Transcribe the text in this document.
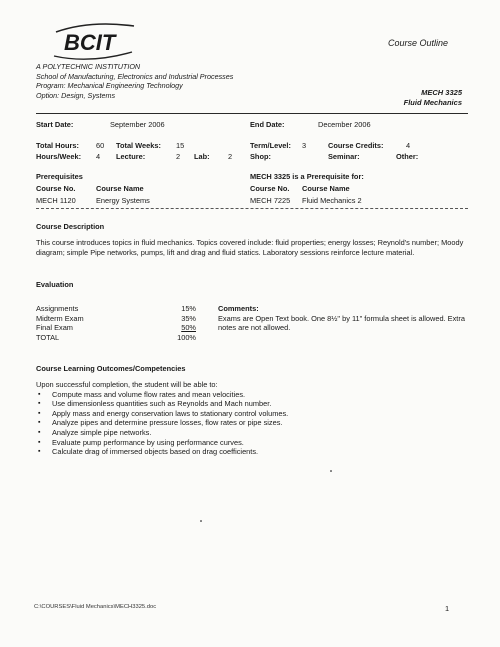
BCIT	Course Outline
A POLYTECHNIC INSTITUTION
School of Manufacturing, Electronics and Industrial Processes
Program: Mechanical Engineering Technology
Option: Design, Systems	MECH 3325
Fluid Mechanics
Start Date:	September 2006	End Date:	December 2006
Total Hours: 60 Total Weeks: 15	Term/Level: 3	Course Credits:	4
Hours/Week: 4 Lecture:	2 Lab: 2 Shop:	Seminar:	Other:
Prerequisites	MECH 3325 is a Prerequisite for:
Course No.	Course Name	Course No. Course Name
MECH 1120	Energy Systems	MECH 7225 Fluid Mechanics 2
Course Description
This course introduces topics in fluid mechanics. Topics covered include: fluid properties; energy losses; Reynold's number; Moody diagram; simple Pipe networks, pumps, lift and drag and fluid statics. Laboratory sessions reinforce lecture material.
Evaluation
Assignments	15%
Midterm Exam	35%
Final Exam	50%
TOTAL	100%
Comments:
Exams are Open Text book. One 8½" by 11" formula sheet is allowed. Extra notes are not allowed.
Course Learning Outcomes/Competencies
Upon successful completion, the student will be able to:
▪ Compute mass and volume flow rates and mean velocities.
▪ Use dimensionless quantities such as Reynolds and Mach number.
▪ Apply mass and energy conservation laws to stationary control volumes.
▪ Analyze pipes and determine pressure losses, flow rates or pipe sizes.
▪ Analyze simple pipe networks.
▪ Evaluate pump performance by using performance curves.
▪ Calculate drag of immersed objects based on drag coefficients.
C:\COURSES\Fluid Mechanics\MECH3325.doc	1
